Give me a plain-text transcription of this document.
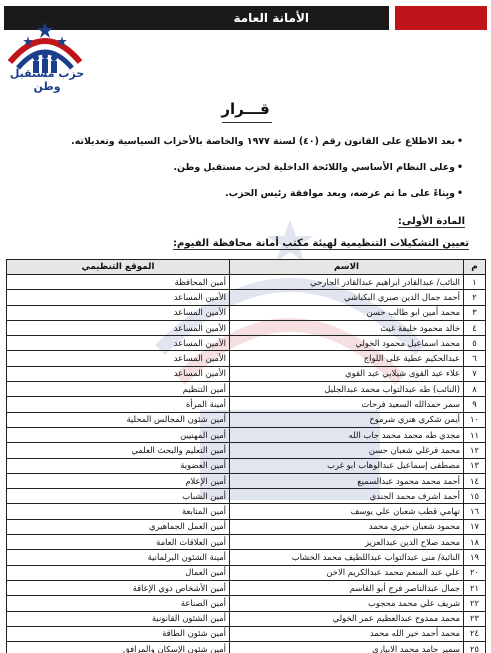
الأمانة العامة
حزب مستقبل وطن
قـــرار
•بعد الاطلاع على القانون رقم (٤٠) لسنة ١٩٧٧ والخاصة بالأحزاب السياسية وتعديلاته.
•وعلى النظام الأساسي واللائحة الداخلية لحزب مستقبل وطن.
•وبِناءً على ما تم عرضه، وبعد موافقة رئيس الحزب.
المادة الأولى:
تعيين التشكيلات التنظيمية لهيئة مكتب أمانة محافظة الفيوم:
م	الاسم	الموقع التنظيمي
١	النائب/ عبدالقادر ابراهيم عبدالقادر الجارحي	أمين المحافظة
٢	أحمد جمال الدين صبري البكباشي	الأمين المساعد
٣	محمد أمين ابو طالب حسن	الأمين المساعد
٤	خالد محمود خليفة غيث	الأمين المساعد
٥	محمد اسماعيل محمود الخولي	الأمين المساعد
٦	عبدالحكيم عطية على اللواج	الأمين المساعد
٧	علاء عبد القوى شيلابي عبد القوي	الأمين المساعد
٨	(النائب) طه عبدالتواب محمد عبدالجليل	أمين التنظيم
٩	سمر حمدالله السعيد فرحات	أمينة المرأة
١٠	أيمن شكري هنري شرموخ	أمين شئون المجالس المحلية
١١	مجدي طه محمد محمد جاب الله	أمين المهنيين
١٢	محمد فرغلي شعبان حسن	أمين التعليم والبحث العلمي
١٣	مصطفى إسماعيل عبدالوهاب ابو غرب	أمين العضوية
١٤	أحمد محمد محمود عبدالسميع	أمين الإعلام
١٥	أحمد اشرف محمد الجندي	أمين الشباب
١٦	تهامي قطب شعبان علي يوسف	أمين المتابعة
١٧	محمود شعبان خيري محمد	أمين العمل الجماهيري
١٨	محمد صلاح الدين عبدالعزيز	أمين العلاقات العامة
١٩	النائبة/ منى عبدالتواب عبداللطيف محمد الخشاب	أمينة الشئون البرلمانية
٢٠	علي عبد المنعم محمد عبدالكريم الاخن	أمين العمال
٢١	جمال عبدالناصر فرج أبو القاسم	أمين الأشخاص ذوي الإعاقة
٢٢	شريف علي محمد محجوب	أمين الصناعة
٢٣	محمد ممدوح عبدالعظيم عمر الخولي	أمين الشئون القانونية
٢٤	محمد أحمد خير الله محمد	أمين شئون الطاقة
٢٥	سمير حامد محمد الابياري	أمين شئون الإسكان والمرافق
